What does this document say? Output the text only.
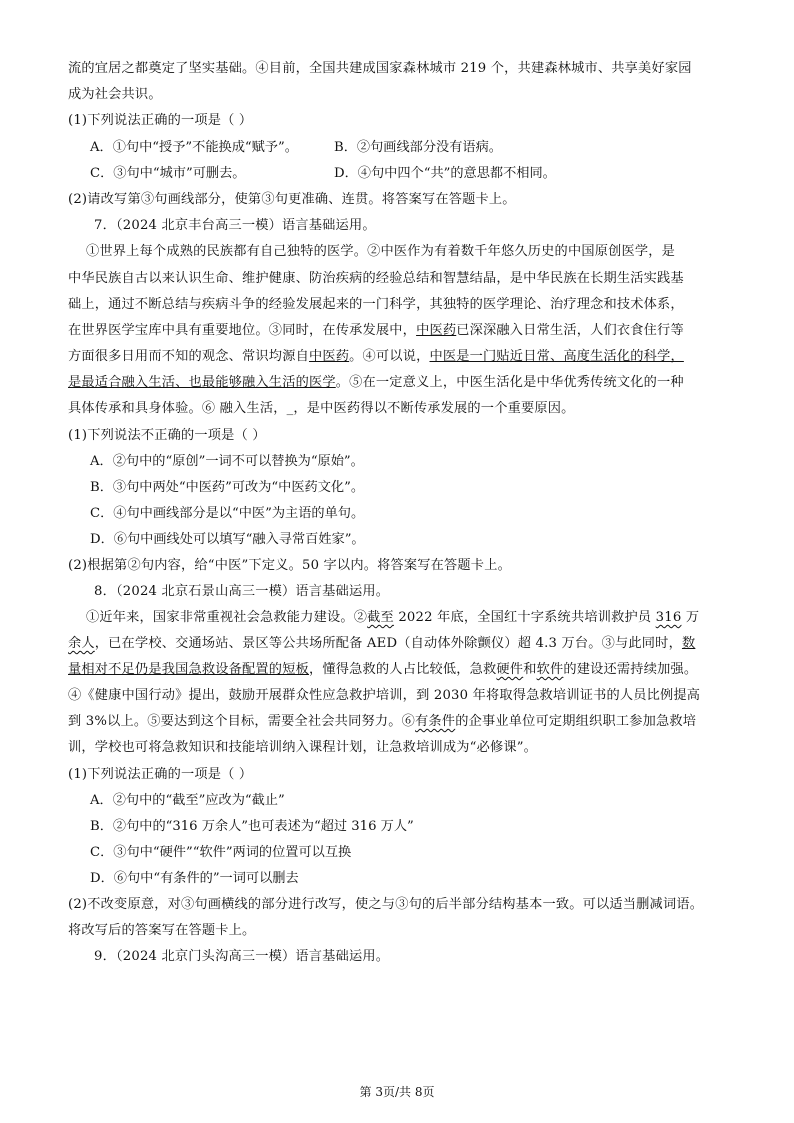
流的宜居之都奠定了坚实基础。④目前，全国共建成国家森林城市 219 个，共建森林城市、共享美好家园
成为社会共识。
(1)下列说法正确的一项是（ ）
A．①句中“授予”不能换成“赋予”。	B．②句画线部分没有语病。
C．③句中“城市”可删去。	D．④句中四个“共”的意思都不相同。
(2)请改写第③句画线部分，使第③句更准确、连贯。将答案写在答题卡上。
7．（2024 北京丰台高三一模）语言基础运用。
①世界上每个成熟的民族都有自己独特的医学。②中医作为有着数千年悠久历史的中国原创医学，是
中华民族自古以来认识生命、维护健康、防治疾病的经验总结和智慧结晶，是中华民族在长期生活实践基
础上，通过不断总结与疾病斗争的经验发展起来的一门科学，其独特的医学理论、治疗理念和技术体系，
在世界医学宝库中具有重要地位。③同时，在传承发展中，中医药已深深融入日常生活，人们衣食住行等
方面很多日用而不知的观念、常识均源自中医药。④可以说，中医是一门贴近日常、高度生活化的科学，
是最适合融入生活、也最能够融入生活的医学。⑤在一定意义上，中医生活化是中华优秀传统文化的一种
具体传承和具身体验。⑥ 融入生活，_，是中医药得以不断传承发展的一个重要原因。
(1)下列说法不正确的一项是（ ）
A．②句中的“原创”一词不可以替换为“原始”。
B．③句中两处“中医药”可改为“中医药文化”。
C．④句中画线部分是以“中医”为主语的单句。
D．⑥句中画线处可以填写“融入寻常百姓家”。
(2)根据第②句内容，给“中医”下定义。50 字以内。将答案写在答题卡上。
8．（2024 北京石景山高三一模）语言基础运用。
①近年来，国家非常重视社会急救能力建设。②截至 2022 年底，全国红十字系统共培训救护员 316 万
余人，已在学校、交通场站、景区等公共场所配备 AED（自动体外除颤仪）超 4.3 万台。③与此同时，数
量相对不足仍是我国急救设备配置的短板，懂得急救的人占比较低，急救硬件和软件的建设还需持续加强。
④《健康中国行动》提出，鼓励开展群众性应急救护培训，到 2030 年将取得急救培训证书的人员比例提高
到 3%以上。⑤要达到这个目标，需要全社会共同努力。⑥有条件的企事业单位可定期组织职工参加急救培
训，学校也可将急救知识和技能培训纳入课程计划，让急救培训成为“必修课”。
(1)下列说法正确的一项是（ ）
A．②句中的“截至”应改为“截止”
B．②句中的“316 万余人”也可表述为“超过 316 万人”
C．③句中“硬件”“软件”两词的位置可以互换
D．⑥句中“有条件的”一词可以删去
(2)不改变原意，对③句画横线的部分进行改写，使之与③句的后半部分结构基本一致。可以适当删减词语。
将改写后的答案写在答题卡上。
9．（2024 北京门头沟高三一模）语言基础运用。
第 3页/共 8页
